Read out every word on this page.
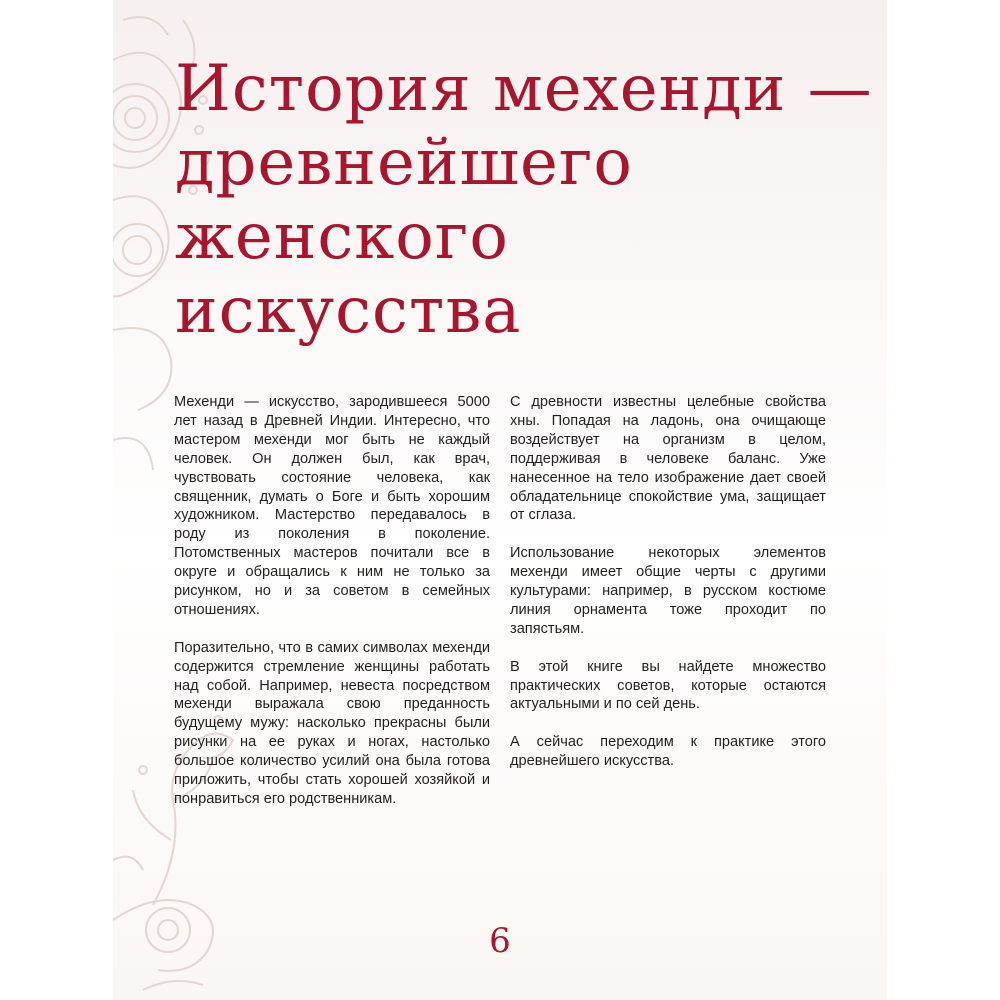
История мехенди —
древнейшего
женского
искусства

Мехенди — искусство, зародившееся 5000 лет назад в Древней Индии. Интересно, что мастером мехенди мог быть не каждый человек. Он должен был, как врач, чувствовать состояние человека, как священник, думать о Боге и быть хорошим художником. Мастерство передавалось в роду из поколения в поколение. Потомственных мастеров почитали все в округе и обращались к ним не только за рисунком, но и за советом в семейных отношениях.

Поразительно, что в самих символах мехенди содержится стремление женщины работать над собой. Например, невеста посредством мехенди выражала свою преданность будущему мужу: насколько прекрасны были рисунки на ее руках и ногах, настолько большое количество усилий она была готова приложить, чтобы стать хорошей хозяйкой и понравиться его родственникам.

С древности известны целебные свойства хны. Попадая на ладонь, она очищающе воздействует на организм в целом, поддерживая в человеке баланс. Уже нанесенное на тело изображение дает своей обладательнице спокойствие ума, защищает от сглаза.

Использование некоторых элементов мехенди имеет общие черты с другими культурами: например, в русском костюме линия орнамента тоже проходит по запястьям.

В этой книге вы найдете множество практических советов, которые остаются актуальными и по сей день.

А сейчас переходим к практике этого древнейшего искусства.

6
